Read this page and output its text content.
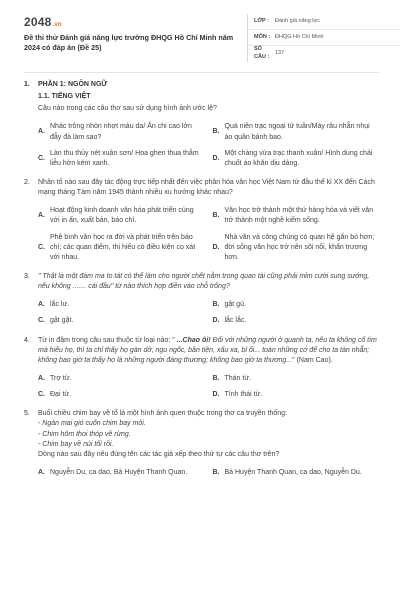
2048.vn
Đề thi thử Đánh giá năng lực trường ĐHQG Hồ Chí Minh năm 2024 có đáp án (Đề 25)
LỚP :	Đánh giá năng lực
MÔN : ĐHQG Hồ Chí Minh
SỐ CÂU :
137
1.	PHẦN 1: NGÔN NGỮ
1.1. TIẾNG VIỆT
Câu nào trong các câu thơ sau sử dụng hình ảnh ước lệ?
A.
Nhác trông nhòn nhợt màu da/ Ăn chi cao lớn đẫy đà làm sao?
B.
Quá niên trạc ngoại tứ tuần/Mày râu nhẵn nhụi áo quần bảnh bao.
C.
Làn thu thủy nét xuân sơn/ Hoa ghen thua thắm liễu hờn kém xanh.
D.
Một chàng vừa trạc thanh xuân/ Hình dung chải chuốt áo khăn dịu dàng.
2.	Nhân tố nào sau đây tác động trực tiếp nhất đến việc phân hóa văn học Việt Nam từ đầu thế kỉ XX đến Cách mạng tháng Tám năm 1945 thành nhiều xu hướng khác nhau?
A.
Hoạt động kinh doanh văn hóa phát triển cùng với in ấn, xuất bản, báo chí.
B.
Văn học trở thành một thứ hàng hóa và viết văn trở thành một nghề kiếm sống.
C.
Phê bình văn học ra đời và phát triển trên báo chí; các quan điểm, thị hiếu có điều kiện cọ xát với nhau.
D.
Nhà văn và công chúng có quan hệ gắn bó hơn; đời sống văn học trở nên sôi nổi, khẩn trương hơn.
3.	" Thật là một đám ma to tát có thể làm cho người chết nằm trong quan tài cũng phải mỉm cười sung sướng, nếu không ....... cái đầu" từ nào thích hợp điền vào chỗ trống?
A. lắc lư.	B. gật gù.
C. gật gật.	D. lắc lắc.
4.	Từ in đậm trong câu sau thuộc từ loại nào: " ...Chao ôi! Đối với những người ở quanh ta, nếu ta không cố tìm mà hiểu họ, thì ta chỉ thấy họ gàn dở, ngu ngốc, bần tiện, xấu xa, bỉ ổi... toàn những cớ để cho ta tàn nhẫn; không bao giờ ta thấy họ là những người đáng thương; không bao giờ ta thương..." (Nam Cao).
A. Trợ từ.	B. Thán từ.
C. Đại từ.	D. Tình thái từ.
5.	Buổi chiều chim bay về tổ là một hình ảnh quen thuộc trong thơ ca truyền thống:
- Ngàn mai gió cuốn chim bay mỏi.
- Chim hôm thoi thóp về rừng.
- Chim bay về núi tối rồi.
Dòng nào sau đây nêu đúng tên các tác giả xếp theo thứ tự các câu thơ trên?
A. Nguyễn Du, ca dao, Bà Huyện Thanh Quan.	B. Bà Huyện Thanh Quan, ca dao, Nguyễn Du.
